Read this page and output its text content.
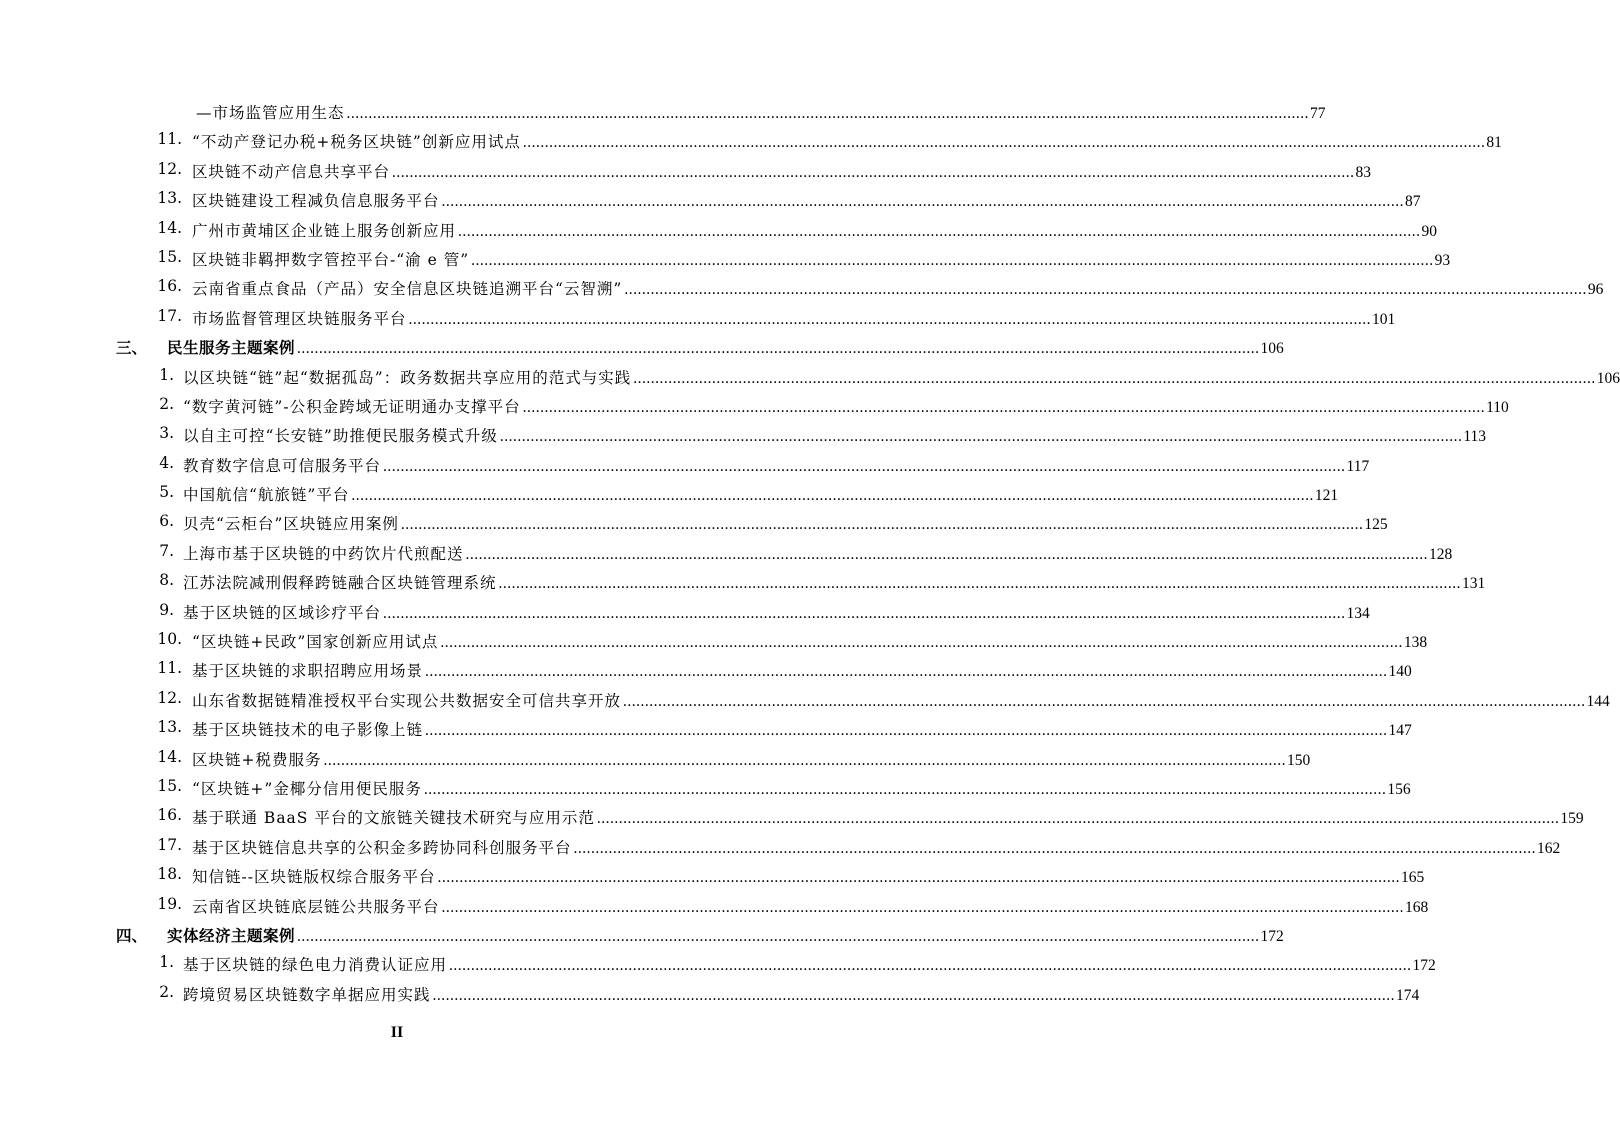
—市场监管应用生态 ............................................................................................................................................................................................................................ 77
11. “不动产登记办税+税务区块链”创新应用试点 ............................................................................................................................................................................................................................ 81
12. 区块链不动产信息共享平台 ............................................................................................................................................................................................................................ 83
13. 区块链建设工程减负信息服务平台 ............................................................................................................................................................................................................................ 87
14. 广州市黄埔区企业链上服务创新应用 ............................................................................................................................................................................................................................ 90
15. 区块链非羁押数字管控平台-“渝 e 管” ............................................................................................................................................................................................................................ 93
16. 云南省重点食品（产品）安全信息区块链追溯平台“云智溯” ............................................................................................................................................................................................................................ 96
17. 市场监督管理区块链服务平台 ............................................................................................................................................................................................................................ 101
三、 民生服务主题案例 ............................................................................................................................................................................................................................ 106
1. 以区块链“链”起“数据孤岛”：政务数据共享应用的范式与实践 ............................................................................................................................................................................................................................ 106
2. “数字黄河链”-公积金跨域无证明通办支撑平台 ............................................................................................................................................................................................................................ 110
3. 以自主可控“长安链”助推便民服务模式升级 ............................................................................................................................................................................................................................ 113
4. 教育数字信息可信服务平台 ............................................................................................................................................................................................................................ 117
5. 中国航信“航旅链”平台 ............................................................................................................................................................................................................................ 121
6. 贝壳“云柜台”区块链应用案例 ............................................................................................................................................................................................................................ 125
7. 上海市基于区块链的中药饮片代煎配送 ............................................................................................................................................................................................................................ 128
8. 江苏法院减刑假释跨链融合区块链管理系统 ............................................................................................................................................................................................................................ 131
9. 基于区块链的区域诊疗平台 ............................................................................................................................................................................................................................ 134
10. “区块链+民政”国家创新应用试点 ............................................................................................................................................................................................................................ 138
11. 基于区块链的求职招聘应用场景 ............................................................................................................................................................................................................................ 140
12. 山东省数据链精准授权平台实现公共数据安全可信共享开放 ............................................................................................................................................................................................................................ 144
13. 基于区块链技术的电子影像上链 ............................................................................................................................................................................................................................ 147
14. 区块链+税费服务 ............................................................................................................................................................................................................................ 150
15. “区块链+”金椰分信用便民服务 ............................................................................................................................................................................................................................ 156
16. 基于联通 BaaS 平台的文旅链关键技术研究与应用示范 ............................................................................................................................................................................................................................ 159
17. 基于区块链信息共享的公积金多跨协同科创服务平台 ............................................................................................................................................................................................................................ 162
18. 知信链--区块链版权综合服务平台 ............................................................................................................................................................................................................................ 165
19. 云南省区块链底层链公共服务平台 ............................................................................................................................................................................................................................ 168
四、 实体经济主题案例 ............................................................................................................................................................................................................................ 172
1. 基于区块链的绿色电力消费认证应用 ............................................................................................................................................................................................................................ 172
2. 跨境贸易区块链数字单据应用实践 ............................................................................................................................................................................................................................ 174
II
